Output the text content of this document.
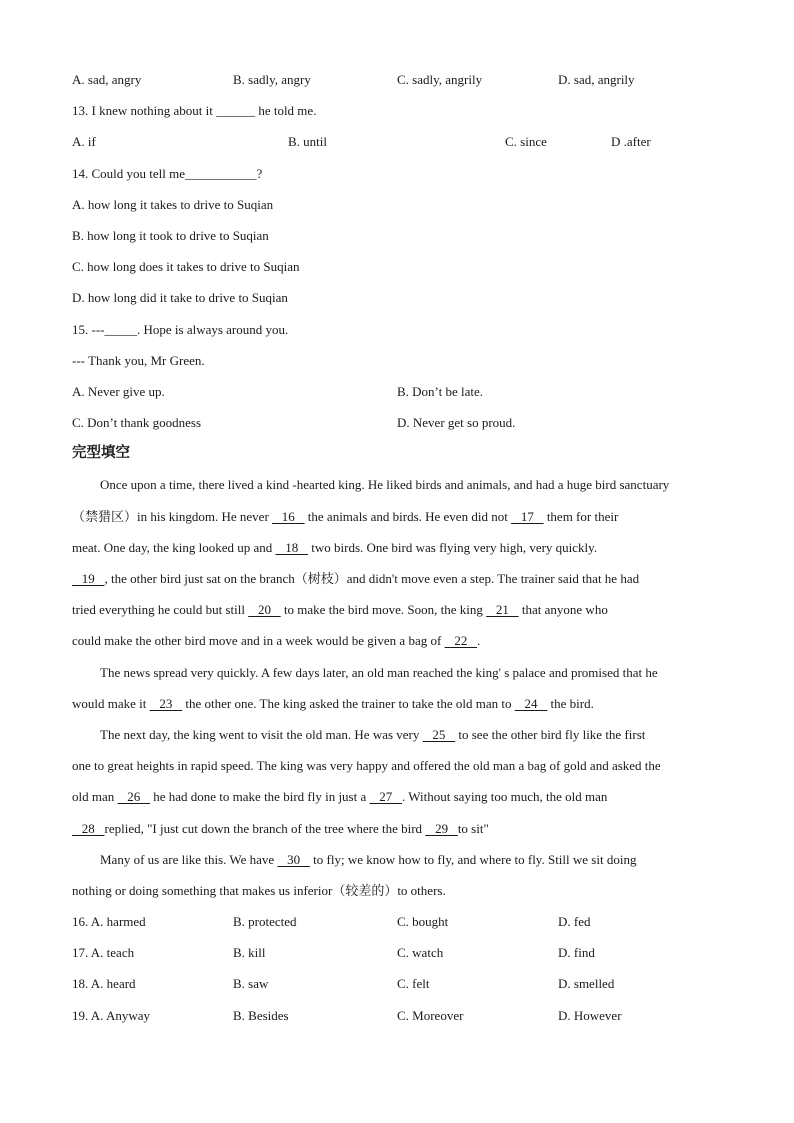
A. sad, angry	B. sadly, angry	C. sadly, angrily	D. sad, angrily
13. I knew nothing about it ______ he told me.
A. if	B. until	C. since	D .after
14. Could you tell me___________?
A. how long it takes to drive to Suqian
B. how long it took to drive to Suqian
C. how long does it takes to drive to Suqian
D. how long did it take to drive to Suqian
15. ---_____. Hope is always around you.
--- Thank you, Mr Green.
A. Never give up.	B. Don’t be late.
C. Don’t thank goodness	D. Never get so proud.
完型填空
Once upon a time, there lived a kind -hearted king. He liked birds and animals, and had a huge bird sanctuary
（禁猎区）in his kingdom. He never    16    the animals and birds. He even did not    17    them for their
meat. One day, the king looked up and    18    two birds. One bird was flying very high, very quickly.
19   , the other bird just sat on the branch（树枝）and didn't move even a step. The trainer said that he had
tried everything he could but still    20    to make the bird move. Soon, the king    21    that anyone who
could make the other bird move and in a week would be given a bag of    22   .
The news spread very quickly. A few days later, an old man reached the king' s palace and promised that he
would make it    23    the other one. The king asked the trainer to take the old man to    24    the bird.
The next day, the king went to visit the old man. He was very    25    to see the other bird fly like the first
one to great heights in rapid speed. The king was very happy and offered the old man a bag of gold and asked the
old man    26    he had done to make the bird fly in just a    27   . Without saying too much, the old man
28   replied, "I just cut down the branch of the tree where the bird    29   to sit"
Many of us are like this. We have    30    to fly; we know how to fly, and where to fly. Still we sit doing
nothing or doing something that makes us inferior（较差的）to others.
16. A. harmed	B. protected	C. bought	D. fed
17. A. teach	B. kill	C. watch	D. find
18. A. heard	B. saw	C. felt	D. smelled
19. A. Anyway	B. Besides	C. Moreover	D. However
